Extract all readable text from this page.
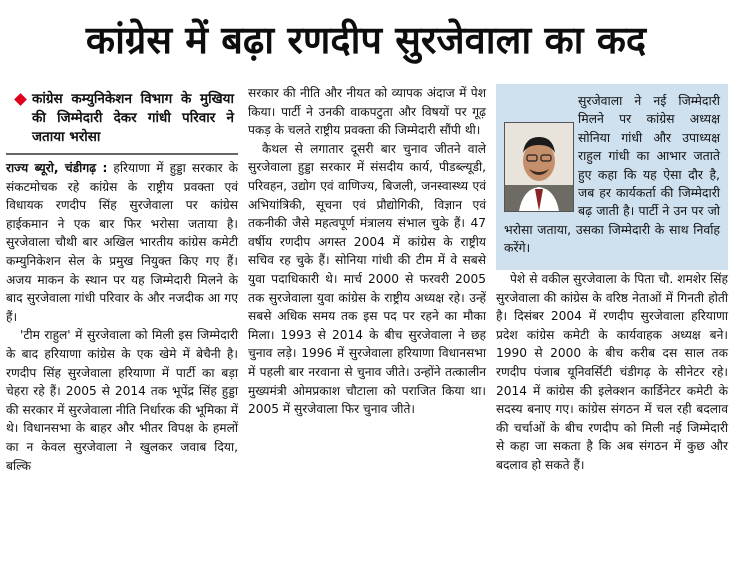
कांग्रेस में बढ़ा रणदीप सुरजेवाला का कद
कांग्रेस कम्युनिकेशन विभाग के मुखिया की जिम्मेदारी देकर गांधी परिवार ने जताया भरोसा

राज्य ब्यूरो, चंडीगढ़ : हरियाणा में हुड्डा सरकार के संकटमोचक रहे कांग्रेस के राष्ट्रीय प्रवक्ता एवं विधायक रणदीप सिंह सुरजेवाला पर कांग्रेस हाईकमान ने एक बार फिर भरोसा जताया है। सुरजेवाला चौथी बार अखिल भारतीय कांग्रेस कमेटी कम्युनिकेशन सेल के प्रमुख नियुक्त किए गए हैं। अजय माकन के स्थान पर यह जिम्मेदारी मिलने के बाद सुरजेवाला गांधी परिवार के और नजदीक आ गए हैं।

'टीम राहुल' में सुरजेवाला को मिली इस जिम्मेदारी के बाद हरियाणा कांग्रेस के एक खेमे में बेचैनी है। रणदीप सिंह सुरजेवाला हरियाणा में पार्टी का बड़ा चेहरा रहे हैं। 2005 से 2014 तक भूपेंद्र सिंह हुड्डा की सरकार में सुरजेवाला नीति निर्धारक की भूमिका में थे। विधानसभा के बाहर और भीतर विपक्ष के हमलों का न केवल सुरजेवाला ने खुलकर जवाब दिया, बल्कि

सरकार की नीति और नीयत को व्यापक अंदाज में पेश किया। पार्टी ने उनकी वाकपटुता और विषयों पर गूढ़ पकड़ के चलते राष्ट्रीय प्रवक्ता की जिम्मेदारी सौंपी थी।

कैथल से लगातार दूसरी बार चुनाव जीतने वाले सुरजेवाला हुड्डा सरकार में संसदीय कार्य, पीडब्ल्यूडी, परिवहन, उद्योग एवं वाणिज्य, बिजली, जनस्वास्थ्य एवं अभियांत्रिकी, सूचना एवं प्रौद्योगिकी, विज्ञान एवं तकनीकी जैसे महत्वपूर्ण मंत्रालय संभाल चुके हैं। 47 वर्षीय रणदीप अगस्त 2004 में कांग्रेस के राष्ट्रीय सचिव रह चुके हैं। सोनिया गांधी की टीम में वे सबसे युवा पदाधिकारी थे। मार्च 2000 से फरवरी 2005 तक सुरजेवाला युवा कांग्रेस के राष्ट्रीय अध्यक्ष रहे। उन्हें सबसे अधिक समय तक इस पद पर रहने का मौका मिला। 1993 से 2014 के बीच सुरजेवाला ने छह चुनाव लड़े। 1996 में सुरजेवाला हरियाणा विधानसभा में पहली बार नरवाना से चुनाव जीते। उन्होंने तत्कालीन मुख्यमंत्री ओमप्रकाश चौटाला को पराजित किया था। 2005 में सुरजेवाला फिर चुनाव जीते।

सुरजेवाला ने नई जिम्मेदारी मिलने पर कांग्रेस अध्यक्ष सोनिया गांधी और उपाध्यक्ष राहुल गांधी का आभार जताते हुए कहा कि यह ऐसा दौर है, जब हर कार्यकर्ता की जिम्मेदारी बढ़ जाती है। पार्टी ने उन पर जो भरोसा जताया, उसका जिम्मेदारी के साथ निर्वाह करेंगे।

पेशे से वकील सुरजेवाला के पिता चौ. शमशेर सिंह सुरजेवाला की कांग्रेस के वरिष्ठ नेताओं में गिनती होती है। दिसंबर 2004 में रणदीप सुरजेवाला हरियाणा प्रदेश कांग्रेस कमेटी के कार्यवाहक अध्यक्ष बने। 1990 से 2000 के बीच करीब दस साल तक रणदीप पंजाब यूनिवर्सिटी चंडीगढ़ के सीनेटर रहे। 2014 में कांग्रेस की इलेक्शन कार्डिनेटर कमेटी के सदस्य बनाए गए। कांग्रेस संगठन में चल रही बदलाव की चर्चाओं के बीच रणदीप को मिली नई जिम्मेदारी से कहा जा सकता है कि अब संगठन में कुछ और बदलाव हो सकते हैं।
